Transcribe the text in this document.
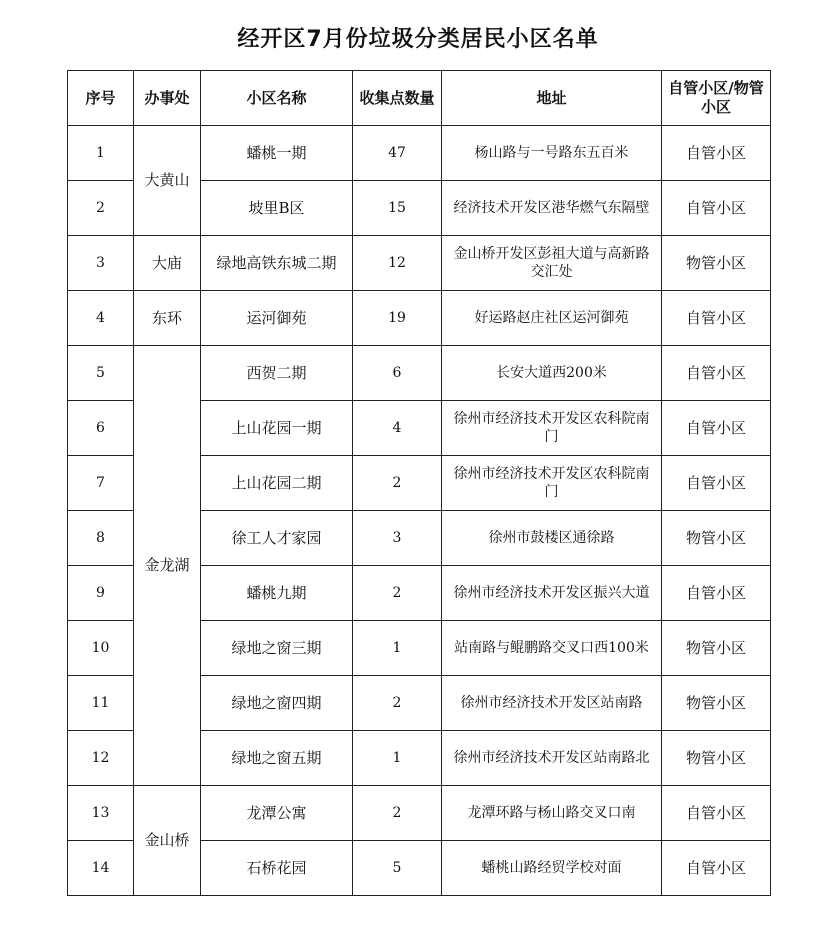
经开区7月份垃圾分类居民小区名单
序号	办事处	小区名称	收集点数量	地址	自管小区/物管小区
1	大黄山	蟠桃一期	47	杨山路与一号路东五百米	自管小区
2		坡里B区	15	经济技术开发区港华燃气东隔壁	自管小区
3	大庙	绿地高铁东城二期	12	金山桥开发区彭祖大道与高新路交汇处	物管小区
4	东环	运河御苑	19	好运路赵庄社区运河御苑	自管小区
5	金龙湖	西贺二期	6	长安大道西200米	自管小区
6		上山花园一期	4	徐州市经济技术开发区农科院南门	自管小区
7		上山花园二期	2	徐州市经济技术开发区农科院南门	自管小区
8		徐工人才家园	3	徐州市鼓楼区通徐路	物管小区
9		蟠桃九期	2	徐州市经济技术开发区振兴大道	自管小区
10		绿地之窗三期	1	站南路与鲲鹏路交叉口西100米	物管小区
11		绿地之窗四期	2	徐州市经济技术开发区站南路	物管小区
12		绿地之窗五期	1	徐州市经济技术开发区站南路北	物管小区
13	金山桥	龙潭公寓	2	龙潭环路与杨山路交叉口南	自管小区
14		石桥花园	5	蟠桃山路经贸学校对面	自管小区
